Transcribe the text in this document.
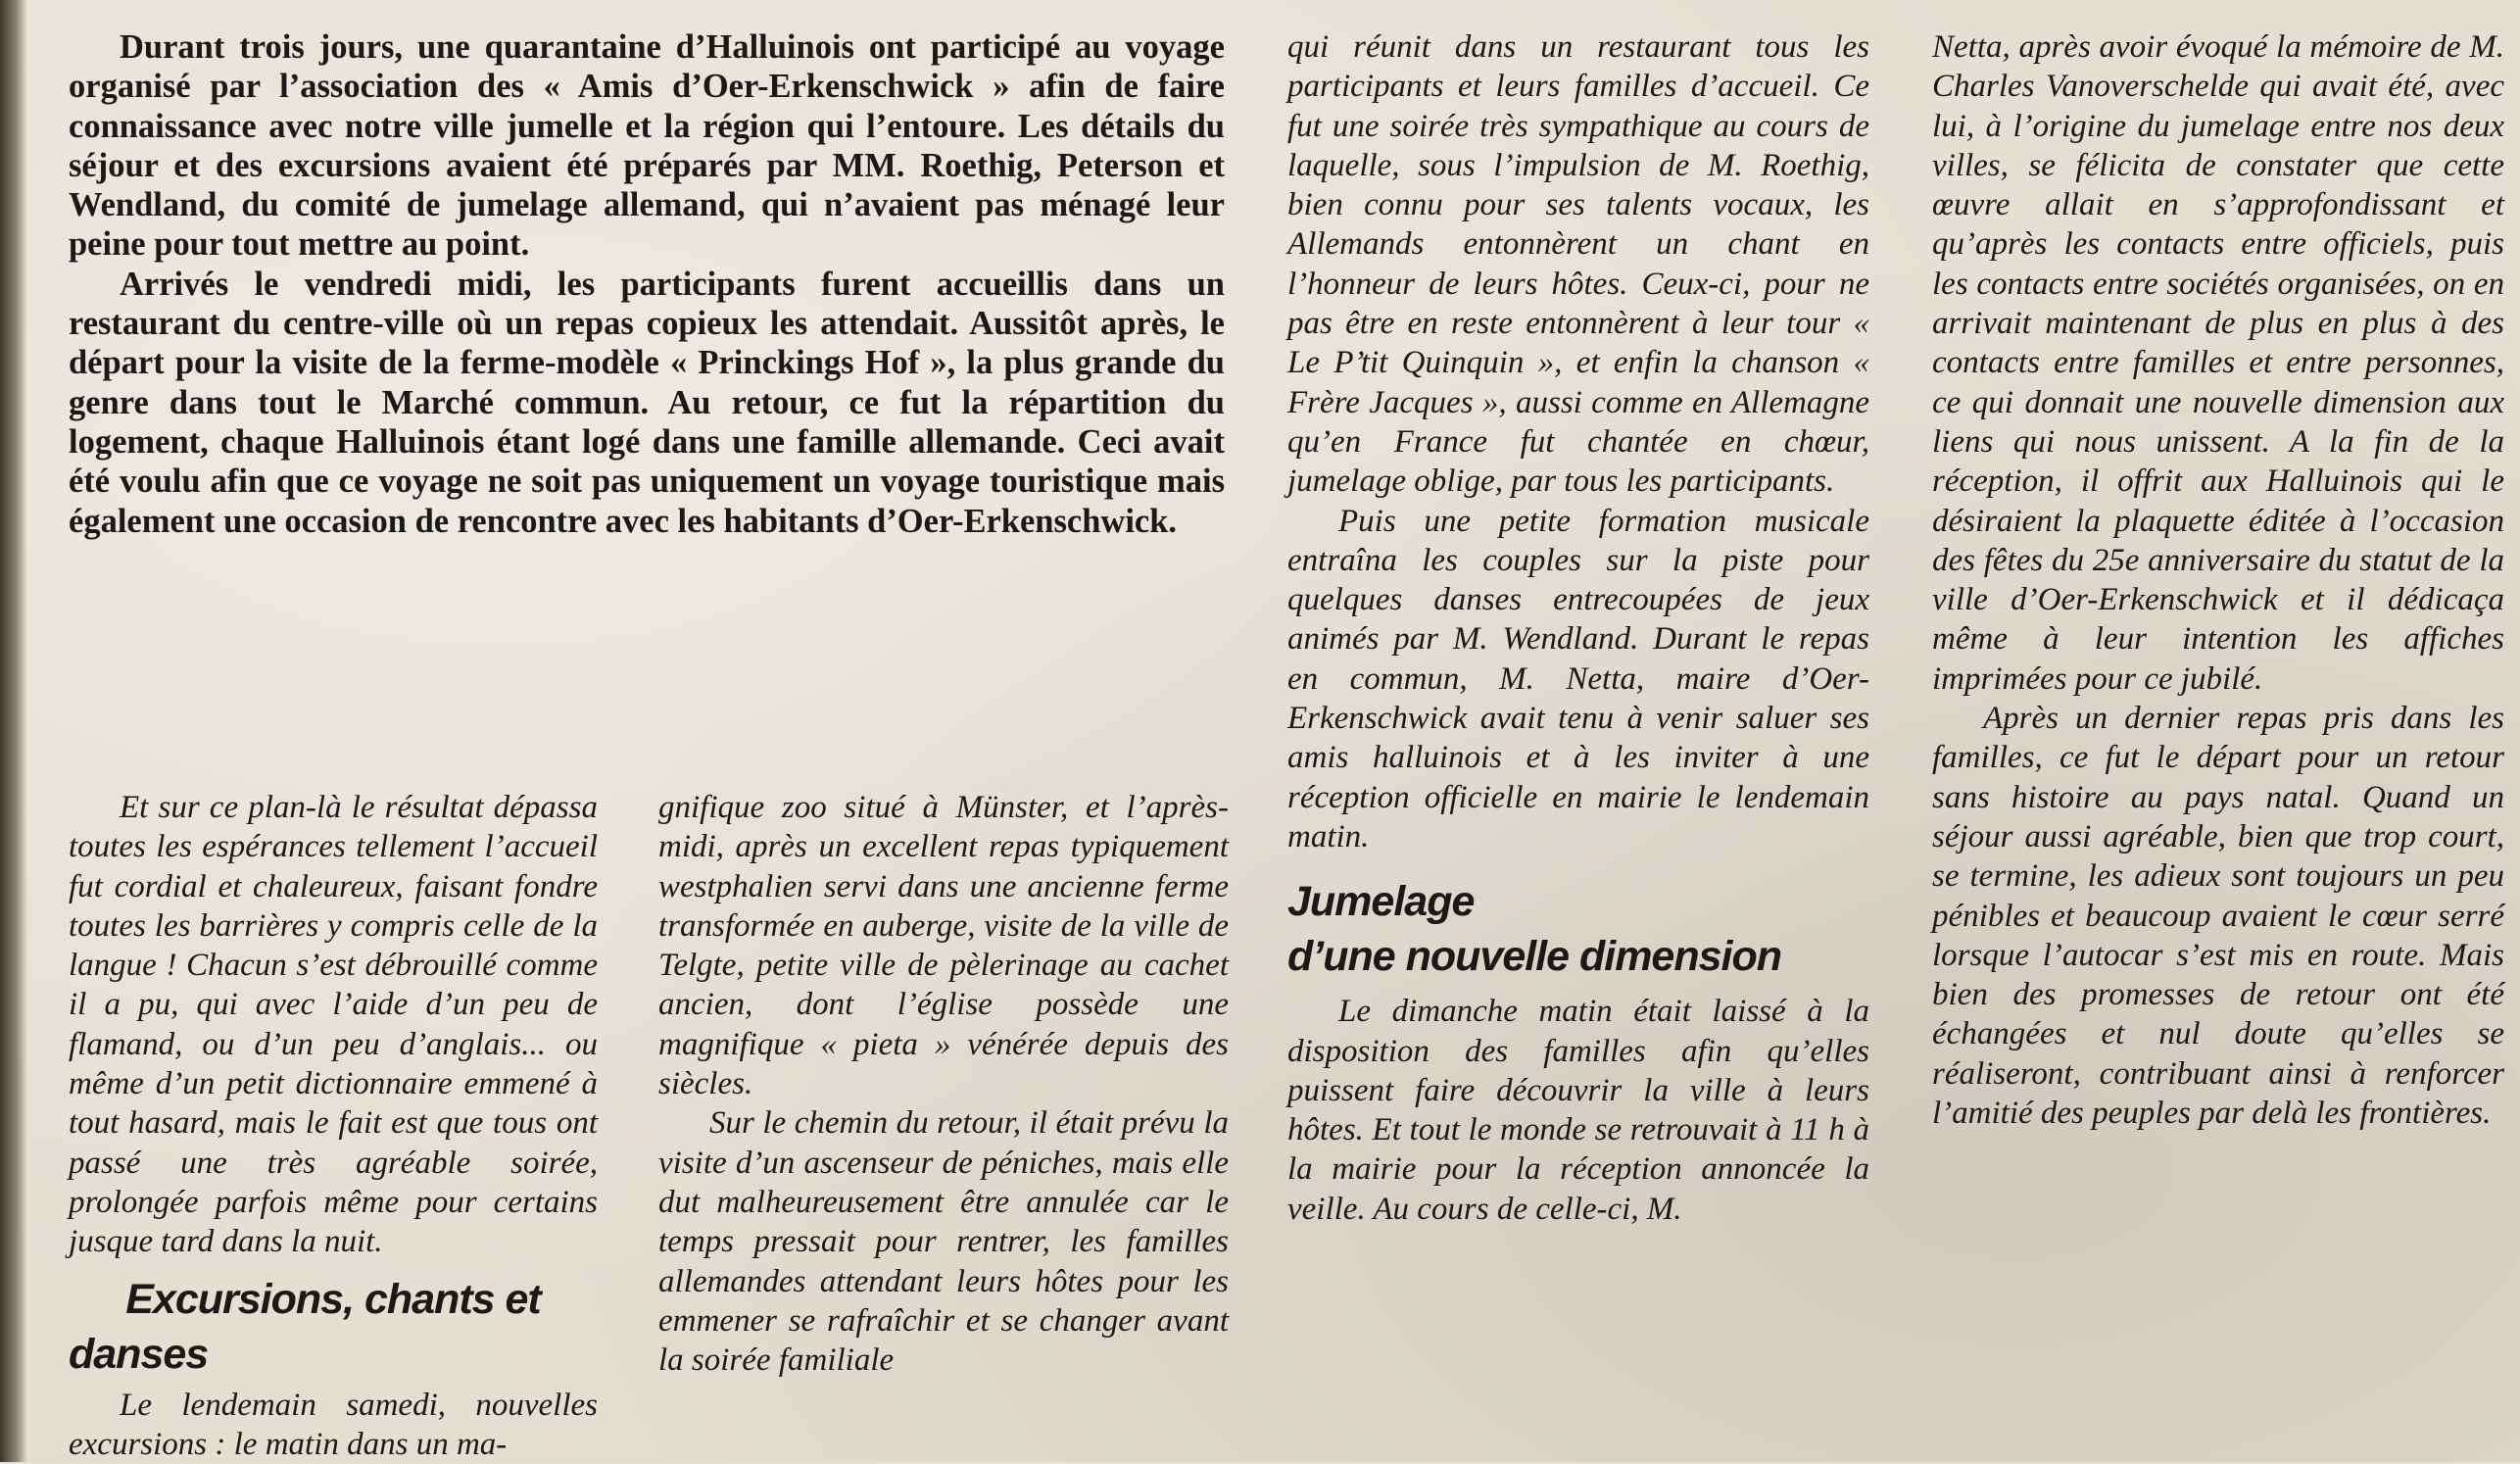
Durant trois jours, une quarantaine d’Halluinois ont participé au voyage organisé par l’association des « Amis d’Oer-Erkenschwick » afin de faire connaissance avec notre ville jumelle et la région qui l’entoure. Les détails du séjour et des excursions avaient été préparés par MM. Roethig, Peterson et Wendland, du comité de jumelage allemand, qui n’avaient pas ménagé leur peine pour tout mettre au point.

Arrivés le vendredi midi, les participants furent accueillis dans un restaurant du centre-ville où un repas copieux les attendait. Aussitôt après, le départ pour la visite de la ferme-modèle « Princkings Hof », la plus grande du genre dans tout le Marché commun. Au retour, ce fut la répartition du logement, chaque Halluinois étant logé dans une famille allemande. Ceci avait été voulu afin que ce voyage ne soit pas uniquement un voyage touristique mais également une occasion de rencontre avec les habitants d’Oer-Erkenschwick.

Et sur ce plan-là le résultat dépassa toutes les espérances tellement l’accueil fut cordial et chaleureux, faisant fondre toutes les barrières y compris celle de la langue ! Chacun s’est débrouillé comme il a pu, qui avec l’aide d’un peu de flamand, ou d’un peu d’anglais... ou même d’un petit dictionnaire emmené à tout hasard, mais le fait est que tous ont passé une très agréable soirée, prolongée parfois même pour certains jusque tard dans la nuit.

Excursions, chants et danses

Le lendemain samedi, nouvelles excursions : le matin dans un ma-

gnifique zoo situé à Münster, et l’après-midi, après un excellent repas typiquement westphalien servi dans une ancienne ferme transformée en auberge, visite de la ville de Telgte, petite ville de pèlerinage au cachet ancien, dont l’église possède une magnifique « pieta » vénérée depuis des siècles.

Sur le chemin du retour, il était prévu la visite d’un ascenseur de péniches, mais elle dut malheureusement être annulée car le temps pressait pour rentrer, les familles allemandes attendant leurs hôtes pour les emmener se rafraîchir et se changer avant la soirée familiale

qui réunit dans un restaurant tous les participants et leurs familles d’accueil. Ce fut une soirée très sympathique au cours de laquelle, sous l’impulsion de M. Roethig, bien connu pour ses talents vocaux, les Allemands entonnèrent un chant en l’honneur de leurs hôtes. Ceux-ci, pour ne pas être en reste entonnèrent à leur tour « Le P’tit Quinquin », et enfin la chanson « Frère Jacques », aussi comme en Allemagne qu’en France fut chantée en chœur, jumelage oblige, par tous les participants.

Puis une petite formation musicale entraîna les couples sur la piste pour quelques danses entrecoupées de jeux animés par M. Wendland. Durant le repas en commun, M. Netta, maire d’Oer-Erkenschwick avait tenu à venir saluer ses amis halluinois et à les inviter à une réception officielle en mairie le lendemain matin.

Jumelage
d’une nouvelle dimension

Le dimanche matin était laissé à la disposition des familles afin qu’elles puissent faire découvrir la ville à leurs hôtes. Et tout le monde se retrouvait à 11 h à la mairie pour la réception annoncée la veille. Au cours de celle-ci, M.

Netta, après avoir évoqué la mémoire de M. Charles Vanoverschelde qui avait été, avec lui, à l’origine du jumelage entre nos deux villes, se félicita de constater que cette œuvre allait en s’approfondissant et qu’après les contacts entre officiels, puis les contacts entre sociétés organisées, on en arrivait maintenant de plus en plus à des contacts entre familles et entre personnes, ce qui donnait une nouvelle dimension aux liens qui nous unissent. A la fin de la réception, il offrit aux Halluinois qui le désiraient la plaquette éditée à l’occasion des fêtes du 25e anniversaire du statut de la ville d’Oer-Erkenschwick et il dédicaça même à leur intention les affiches imprimées pour ce jubilé.

Après un dernier repas pris dans les familles, ce fut le départ pour un retour sans histoire au pays natal. Quand un séjour aussi agréable, bien que trop court, se termine, les adieux sont toujours un peu pénibles et beaucoup avaient le cœur serré lorsque l’autocar s’est mis en route. Mais bien des promesses de retour ont été échangées et nul doute qu’elles se réaliseront, contribuant ainsi à renforcer l’amitié des peuples par delà les frontières.
